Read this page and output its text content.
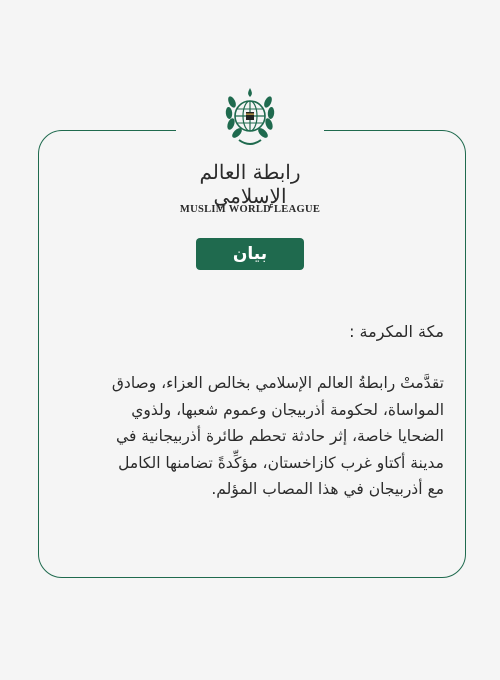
رابطة العالم الإسلامي
MUSLIM WORLD LEAGUE
بيان
مكة المكرمة :
تقدَّمتْ رابطةُ العالم الإسلامي بخالص العزاء، وصادق
المواساة، لحكومة أذربيجان وعموم شعبها، ولذوي
الضحايا خاصة، إثر حادثة تحطم طائرة أذربيجانية في
مدينة أكتاو غرب كازاخستان، مؤكِّدةً تضامنها الكامل
مع أذربيجان في هذا المصاب المؤلم.
